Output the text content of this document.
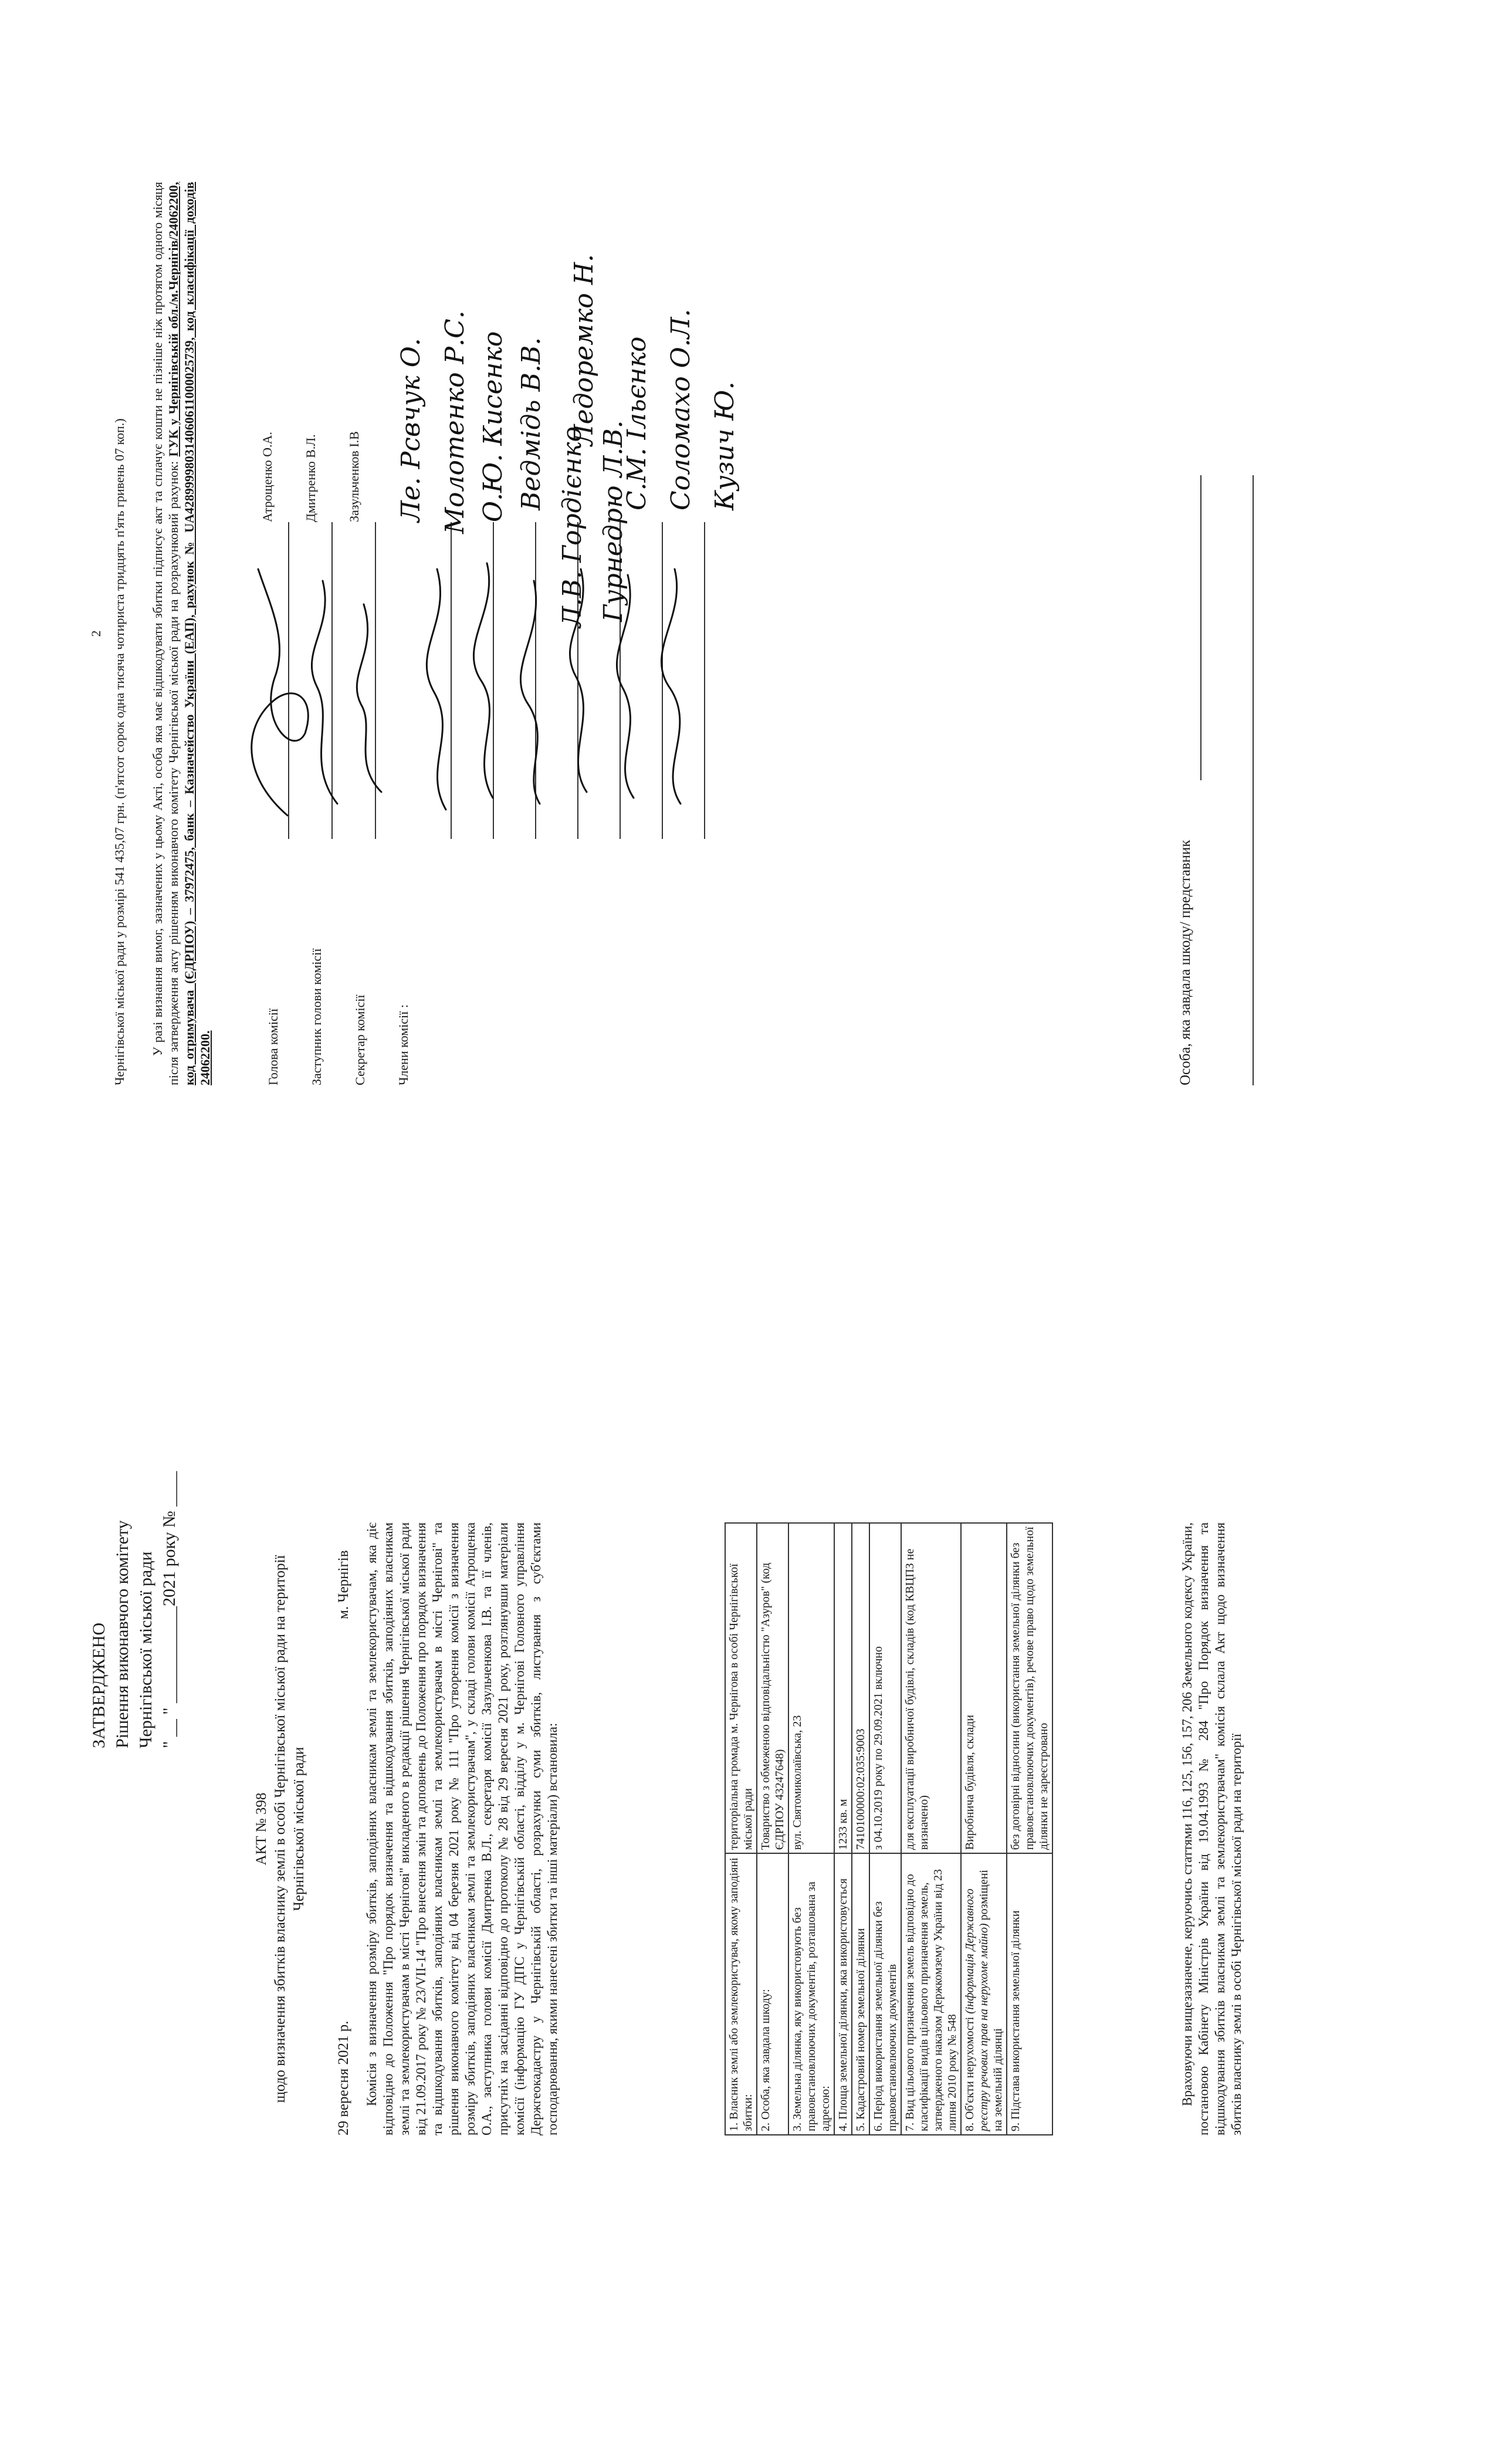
ЗАТВЕРДЖЕНО Рішення виконавчого комітету Чернігівської міської ради " __ " ___________2021 року № ____

АКТ № 398 щодо визначення збитків власнику землі в особі Чернігівської міської ради на території Чернігівської міської ради

29 вересня 2021 р.

м. Чернігів Комісія з визначення розміру збитків, заподіяних власникам землі та землекористувачам, яка діє відповідно до Положення "Про порядок визначення та відшкодування збитків, заподіяних власникам землі та землекористувачам в місті Чернігові" викладеного в редакції рішення Чернігівської міської ради від 21.09.2017 року № 23/VII-14 "Про внесення змін та доповнень до Положення про порядок визначення та відшкодування збитків, заподіяних власникам землі та землекористувачам в місті Чернігові" та рішення виконавчого комітету від 04 березня 2021 року № 111 "Про утворення комісії з визначення розміру збитків, заподіяних власникам землі та землекористувачам", у складі голови комісії Атрощенка О.А., заступника голови комісії Дмитренка В.Л., секретаря комісії Зазульченкова І.В. та її членів, присутніх на засіданні відповідно до протоколу № 28 від 29 вересня 2021 року, розглянувши матеріали комісії (інформацію ГУ ДПС у Чернігівській області, відділу у м. Чернігові Головного управління Держгеокадастру у Чернігівській області, розрахунки суми збитків, листування з суб'єктами господарювання, якими нанесені збитки та інші матеріали) встановила:	1. Власник землі або землекористувач, якому заподіяні збитки:	територіальна громада м. Чернігова в особі Чернігівської міської ради
2. Особа, яка завдала шкоду:	Товариство з обмеженою відповідальністю "Азуров" (код ЄДРПОУ 43247648)
3. Земельна ділянка, яку використовують без правовстановлюючих документів, розташована за адресою:	вул. Святомиколаївська, 23
4. Площа земельної ділянки, яка використовується	1233 кв. м
5. Кадастровий номер земельної ділянки	7410100000:02:035:9003
6. Період використання земельної ділянки без правовстановлюючих документів	з 04.10.2019 року по 29.09.2021 включно
7. Вид цільового призначення земель відповідно до класифікації видів цільового призначення земель, затвердженого наказом Держкомзему України від 23 липня 2010 року № 548	для експлуатації виробничої будівлі, складів (код КВЦПЗ не визначено)
8. Об'єкти нерухомості (інформація Державного реєстру речових прав на нерухоме майно) розміщені на земельній ділянці	Виробнича будівля, склади
9. Підстава використання земельної ділянки	без договірні відносини (використання земельної ділянки без правовстановлюючих документів), речове право щодо земельної ділянки не зареєстровано	Враховуючи вищезазначене, керуючись статтями 116, 125, 156, 157, 206 Земельного кодексу України, постановою Кабінету Міністрів України від 19.04.1993 № 284 "Про Порядок визначення та відшкодування збитків власникам землі та землекористувачам" комісія склала Акт щодо визначення збитків власнику землі в особі Чернігівської міської ради на території

2 Чернігівської міської ради у розмірі 541 435,07 грн. (п'ятсот сорок одна тисяча чотириста тридцять п'ять гривень 07 коп.) У разі визнання вимог, зазначених у цьому Акті, особа яка має відшкодувати збитки підписує акт та сплачує кошти не пізніше ніж протягом одного місяця після затвердження акту рішенням виконавчого комітету Чернігівської міської ради на розрахунковий рахунок: ГУК у Чернігівській обл./м.Чернігів/24062200, код отримувача (ЄДРПОУ) – 37972475, банк – Казначейство України (ЕАП), рахунок № UA428999980314060611000025739, код класифікації доходів 24062200.	Голова комісії
Атрощенко О.А.
Заступник голови комісії
Дмитренко В.Л.
Секретар комісії
Зазульченков І.В
Члени комісії :
Ле. Рсвчук О. Молотенко Р.С. О.Ю. Кисенко Ведмідь В.В.
Л.В. Гордієнко
Ледоремко Н.
Гурнедрю Л.В.
С.М. Ільєнко Соломахо О.Л. Кузич Ю.
Особа, яка завдала шкоду/ представник
